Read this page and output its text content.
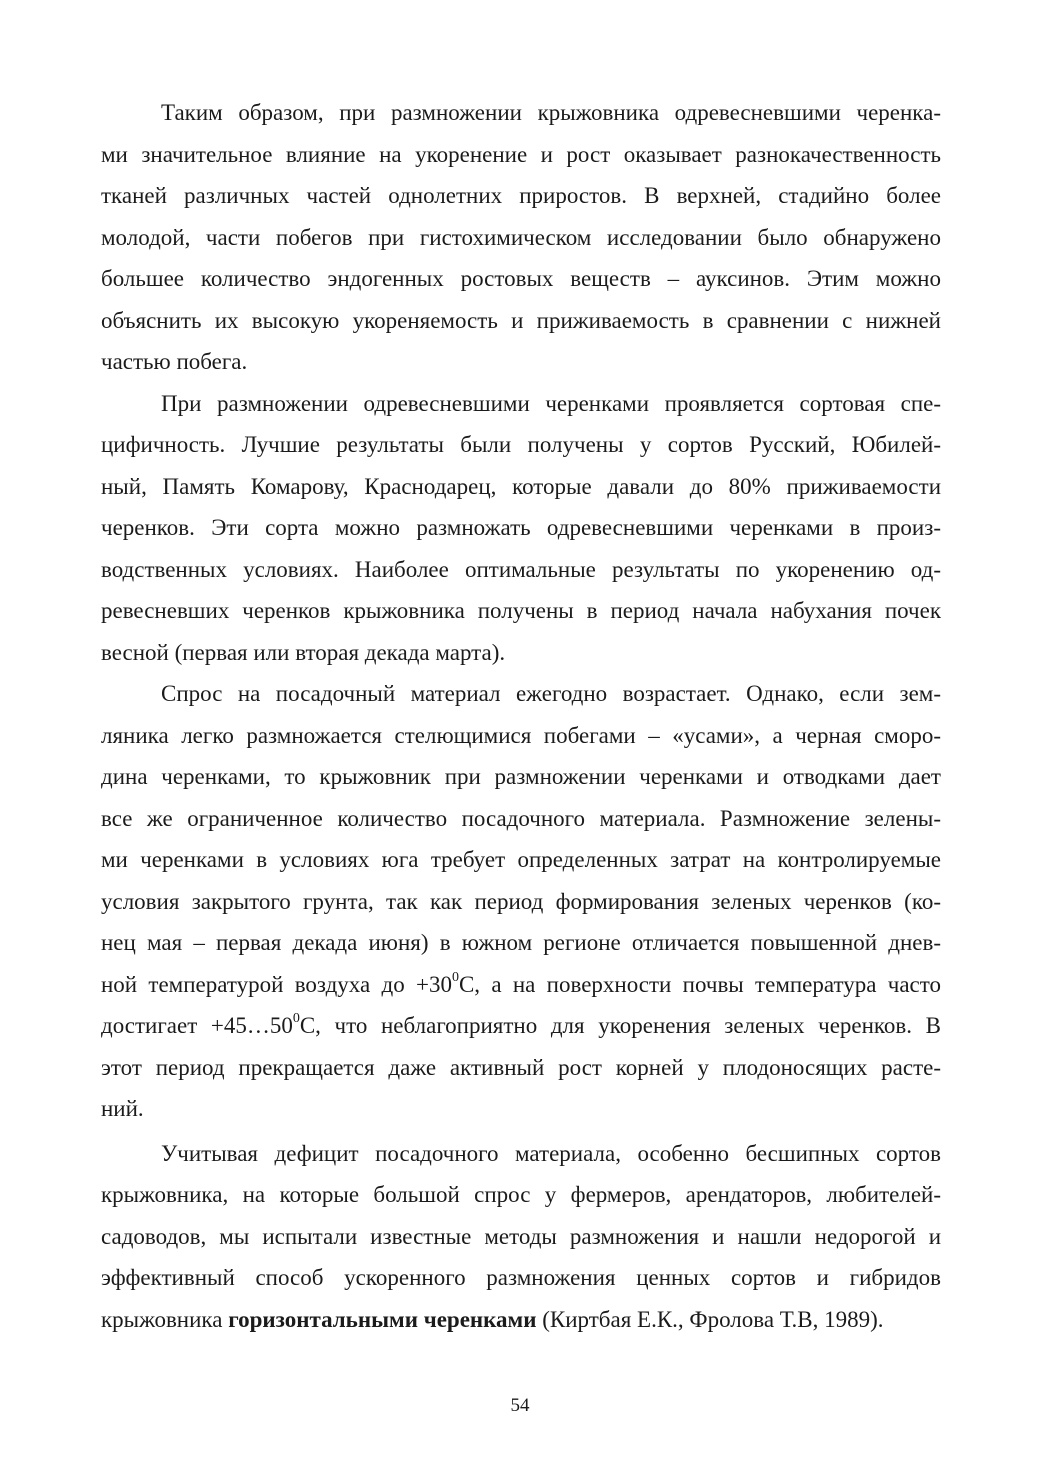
Таким образом, при размножении крыжовника одревесневшими черенка-
ми значительное влияние на укоренение и рост оказывает разнокачественность
тканей различных частей однолетних приростов. В верхней, стадийно более
молодой, части побегов при гистохимическом исследовании было обнаружено
большее количество эндогенных ростовых веществ – ауксинов. Этим можно
объяснить их высокую укореняемость и приживаемость в сравнении с нижней
частью побега.

При размножении одревесневшими черенками проявляется сортовая спе-
цифичность. Лучшие результаты были получены у сортов Русский, Юбилей-
ный, Память Комарову, Краснодарец, которые давали до 80% приживаемости
черенков. Эти сорта можно размножать одревесневшими черенками в произ-
водственных условиях. Наиболее оптимальные результаты по укоренению од-
ревесневших черенков крыжовника получены в период начала набухания почек
весной (первая или вторая декада марта).

Спрос на посадочный материал ежегодно возрастает. Однако, если зем-
ляника легко размножается стелющимися побегами – «усами», а черная сморо-
дина черенками, то крыжовник при размножении черенками и отводками дает
все же ограниченное количество посадочного материала. Размножение зелены-
ми черенками в условиях юга требует определенных затрат на контролируемые
условия закрытого грунта, так как период формирования зеленых черенков (ко-
нец мая – первая декада июня) в южном регионе отличается повышенной днев-
ной температурой воздуха до $+30^0С$, а на поверхности почвы температура часто
достигает $+45\dots 50^0С$, что неблагоприятно для укоренения зеленых черенков. В
этот период прекращается даже активный рост корней у плодоносящих расте-
ний.

Учитывая дефицит посадочного материала, особенно бесшипных сортов
крыжовника, на которые большой спрос у фермеров, арендаторов, любителей-
садоводов, мы испытали известные методы размножения и нашли недорогой и
эффективный способ ускоренного размножения ценных сортов и гибридов
крыжовника горизонтальными черенками (Киртбая Е.К., Фролова Т.В, 1989).

54
